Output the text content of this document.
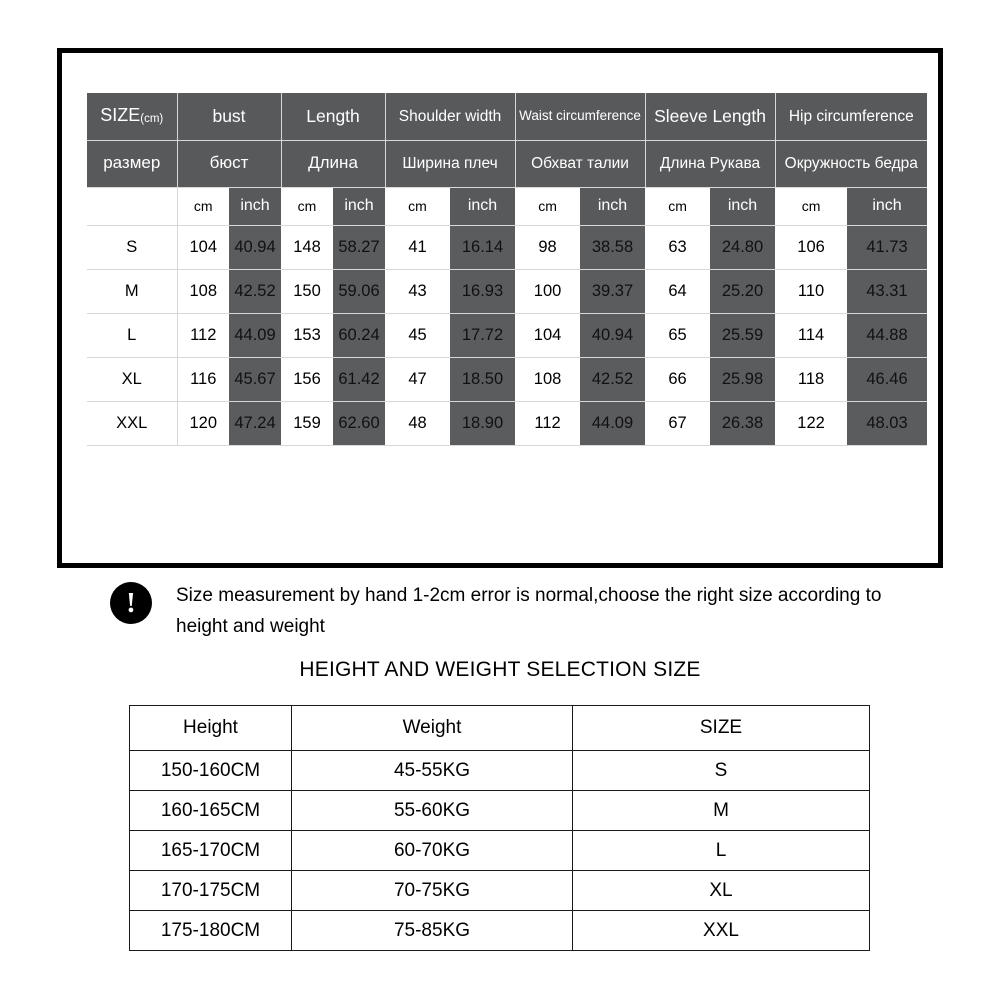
SIZE(cm)	bust		Length		Shoulder width		Waist circumference		Sleeve Length		Hip circumference	
размер	бюст		Длина		Ширина плеч		Обхват талии		Длина Рукава		Окружность бедра	
	cm	inch	cm	inch	cm	inch	cm	inch	cm	inch	cm	inch
S	104	40.94	148	58.27	41	16.14	98	38.58	63	24.80	106	41.73
M	108	42.52	150	59.06	43	16.93	100	39.37	64	25.20	110	43.31
L	112	44.09	153	60.24	45	17.72	104	40.94	65	25.59	114	44.88
XL	116	45.67	156	61.42	47	18.50	108	42.52	66	25.98	118	46.46
XXL	120	47.24	159	62.60	48	18.90	112	44.09	67	26.38	122	48.03
!	Size measurement by hand 1-2cm error is normal,choose the right size according to height and weight
HEIGHT AND WEIGHT SELECTION SIZE
Height	Weight	SIZE
150-160CM	45-55KG	S
160-165CM	55-60KG	M
165-170CM	60-70KG	L
170-175CM	70-75KG	XL
175-180CM	75-85KG	XXL
